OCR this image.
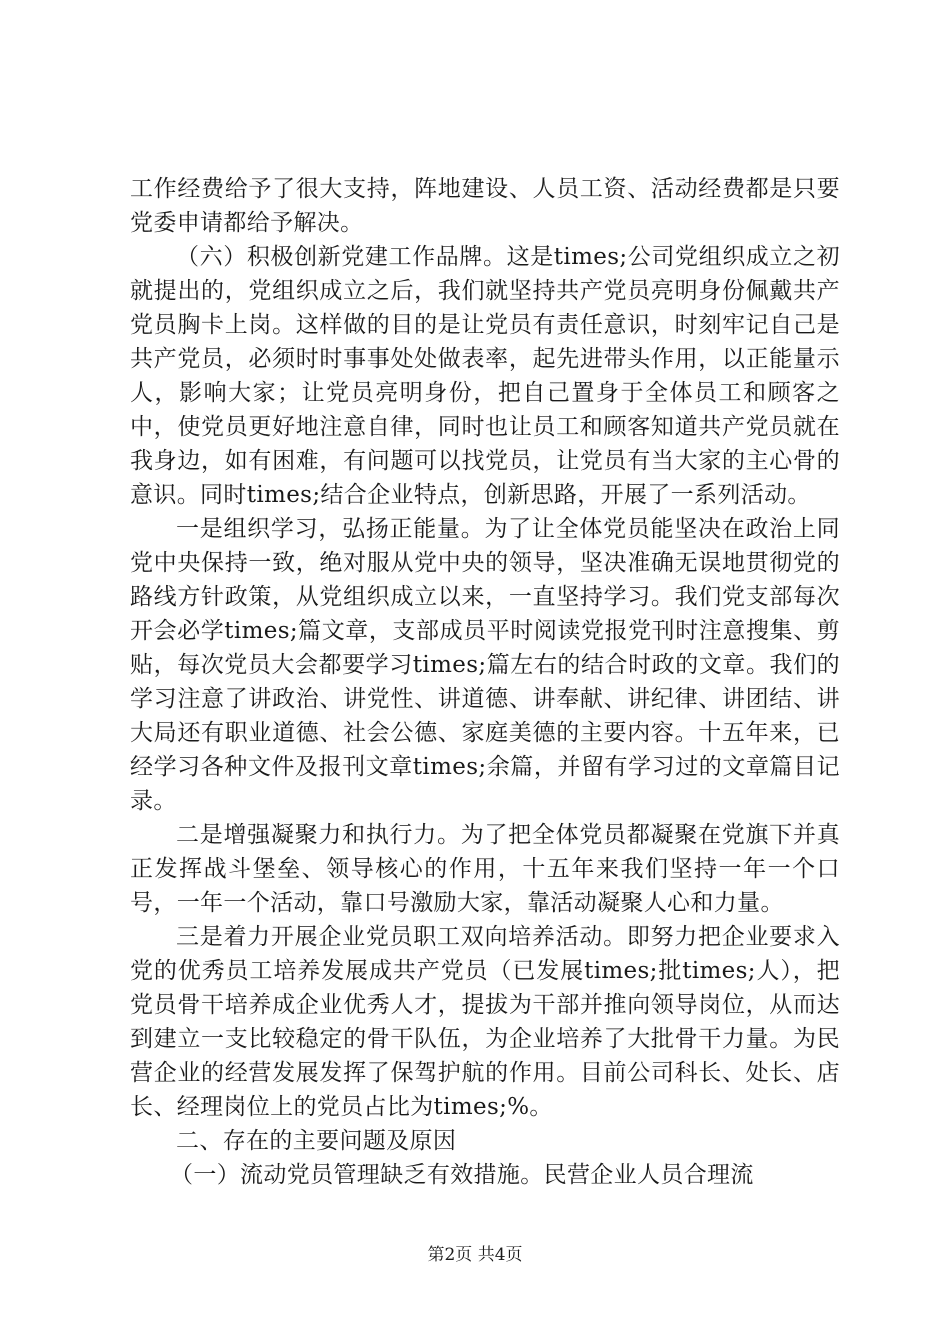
工作经费给予了很大支持，阵地建设、人员工资、活动经费都是只要党委申请都给予解决。

（六）积极创新党建工作品牌。这是times;公司党组织成立之初就提出的，党组织成立之后，我们就坚持共产党员亮明身份佩戴共产党员胸卡上岗。这样做的目的是让党员有责任意识，时刻牢记自己是共产党员，必须时时事事处处做表率，起先进带头作用，以正能量示人，影响大家；让党员亮明身份，把自己置身于全体员工和顾客之中，使党员更好地注意自律，同时也让员工和顾客知道共产党员就在我身边，如有困难，有问题可以找党员，让党员有当大家的主心骨的意识。同时times;结合企业特点，创新思路，开展了一系列活动。

一是组织学习，弘扬正能量。为了让全体党员能坚决在政治上同党中央保持一致，绝对服从党中央的领导，坚决准确无误地贯彻党的路线方针政策，从党组织成立以来，一直坚持学习。我们党支部每次开会必学times;篇文章，支部成员平时阅读党报党刊时注意搜集、剪贴，每次党员大会都要学习times;篇左右的结合时政的文章。我们的学习注意了讲政治、讲党性、讲道德、讲奉献、讲纪律、讲团结、讲大局还有职业道德、社会公德、家庭美德的主要内容。十五年来，已经学习各种文件及报刊文章times;余篇，并留有学习过的文章篇目记录。

二是增强凝聚力和执行力。为了把全体党员都凝聚在党旗下并真正发挥战斗堡垒、领导核心的作用，十五年来我们坚持一年一个口号，一年一个活动，靠口号激励大家，靠活动凝聚人心和力量。

三是着力开展企业党员职工双向培养活动。即努力把企业要求入党的优秀员工培养发展成共产党员（已发展times;批times;人），把党员骨干培养成企业优秀人才，提拔为干部并推向领导岗位，从而达到建立一支比较稳定的骨干队伍，为企业培养了大批骨干力量。为民营企业的经营发展发挥了保驾护航的作用。目前公司科长、处长、店长、经理岗位上的党员占比为times;%。

二、存在的主要问题及原因

（一）流动党员管理缺乏有效措施。民营企业人员合理流

第2页 共4页
